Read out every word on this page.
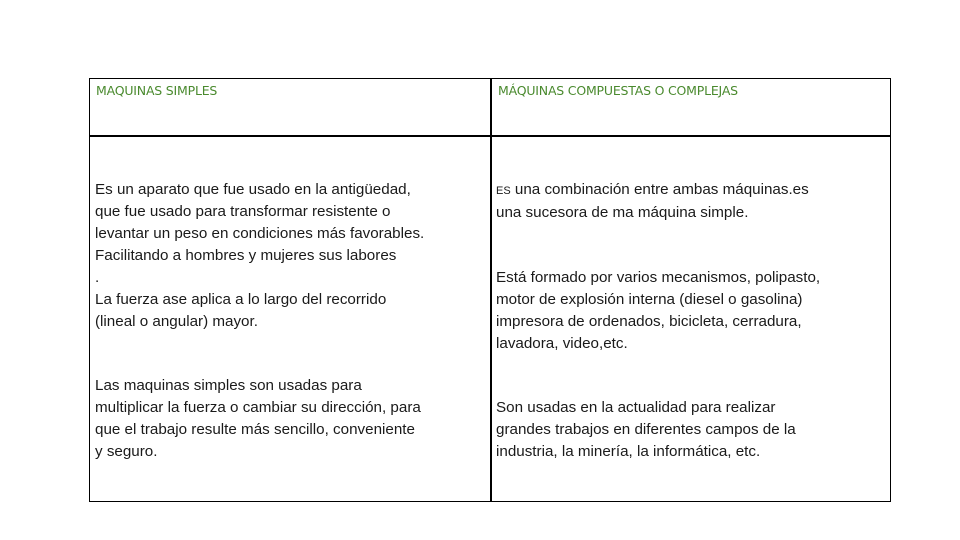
MAQUINAS SIMPLES	MÁQUINAS COMPUESTAS O COMPLEJAS
Es un aparato que fue usado en la antigüedad,
que fue usado para transformar resistente o
levantar un peso en condiciones más favorables.
Facilitando a hombres y mujeres sus labores
.
La fuerza ase aplica a lo largo del recorrido
(lineal o angular) mayor.
Las maquinas simples son usadas para
multiplicar la fuerza o cambiar su dirección, para
que el trabajo resulte más sencillo, conveniente
y seguro.
ES una combinación entre ambas máquinas.es
una sucesora de ma máquina simple.
Está formado por varios mecanismos, polipasto,
motor de explosión interna (diesel o gasolina)
impresora de ordenados, bicicleta, cerradura,
lavadora, video,etc.
Son usadas en la actualidad para realizar
grandes trabajos en diferentes campos de la
industria, la minería, la informática, etc.
